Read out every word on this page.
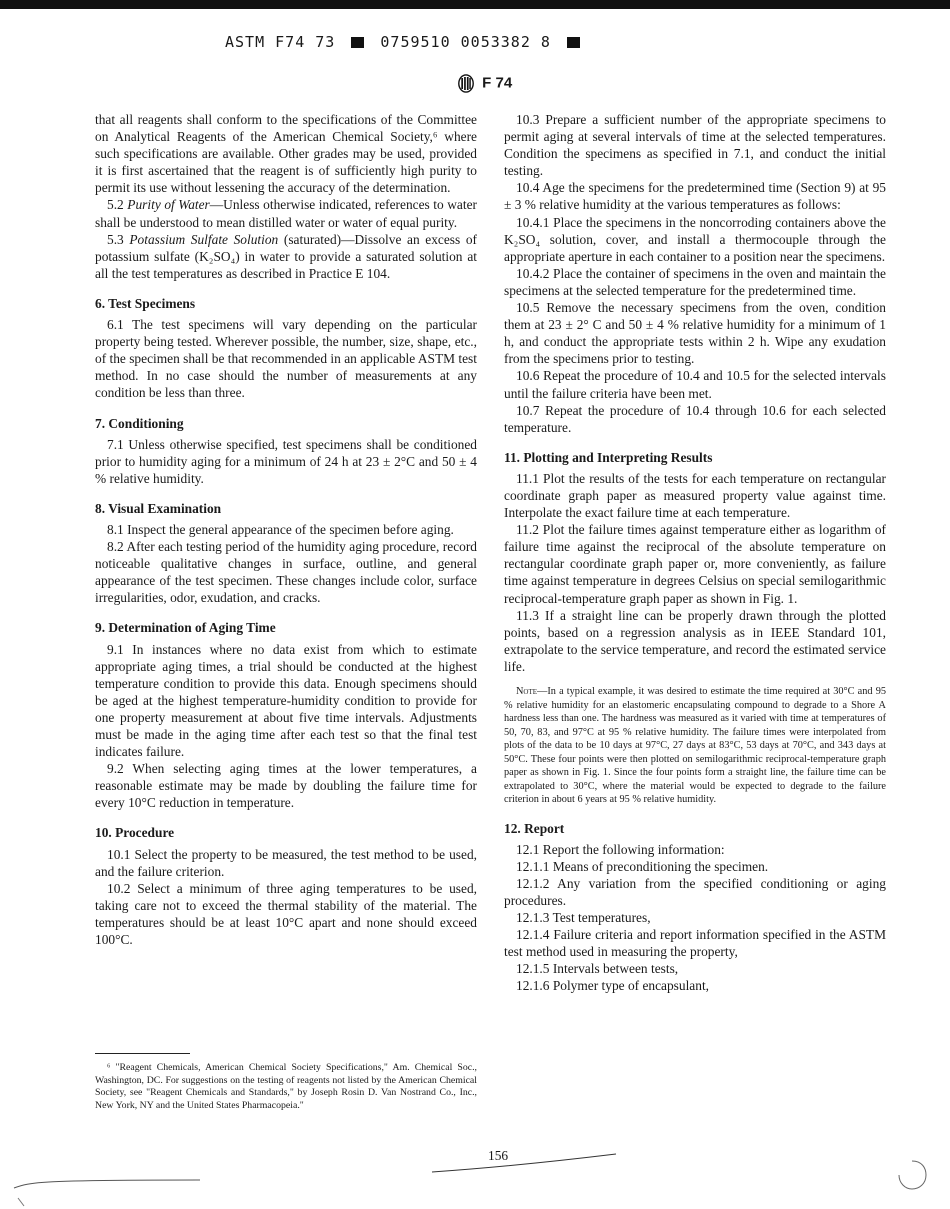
ASTM F74 73	0759510 0053382 8
F 74

that all reagents shall conform to the specifications of the Committee on Analytical Reagents of the American Chemical Society,⁶ where such specifications are available. Other grades may be used, provided it is first ascertained that the reagent is of sufficiently high purity to permit its use without lessening the accuracy of the determination.

5.2 Purity of Water—Unless otherwise indicated, references to water shall be understood to mean distilled water or water of equal purity.

5.3 Potassium Sulfate Solution (saturated)—Dissolve an excess of potassium sulfate (K₂SO₄) in water to provide a saturated solution at all the test temperatures as described in Practice E 104.

6. Test Specimens

6.1 The test specimens will vary depending on the particular property being tested. Wherever possible, the number, size, shape, etc., of the specimen shall be that recommended in an applicable ASTM test method. In no case should the number of measurements at any condition be less than three.

7. Conditioning

7.1 Unless otherwise specified, test specimens shall be conditioned prior to humidity aging for a minimum of 24 h at 23 ± 2°C and 50 ± 4 % relative humidity.

8. Visual Examination

8.1 Inspect the general appearance of the specimen before aging.

8.2 After each testing period of the humidity aging procedure, record noticeable qualitative changes in surface, outline, and general appearance of the test specimen. These changes include color, surface irregularities, odor, exudation, and cracks.

9. Determination of Aging Time

9.1 In instances where no data exist from which to estimate appropriate aging times, a trial should be conducted at the highest temperature condition to provide this data. Enough specimens should be aged at the highest temperature-humidity condition to provide for one property measurement at about five time intervals. Adjustments must be made in the aging time after each test so that the final test indicates failure.

9.2 When selecting aging times at the lower temperatures, a reasonable estimate may be made by doubling the failure time for every 10°C reduction in temperature.

10. Procedure

10.1 Select the property to be measured, the test method to be used, and the failure criterion.

10.2 Select a minimum of three aging temperatures to be used, taking care not to exceed the thermal stability of the material. The temperatures should be at least 10°C apart and none should exceed 100°C.

⁶ "Reagent Chemicals, American Chemical Society Specifications," Am. Chemical Soc., Washington, DC. For suggestions on the testing of reagents not listed by the American Chemical Society, see "Reagent Chemicals and Standards," by Joseph Rosin D. Van Nostrand Co., Inc., New York, NY and the United States Pharmacopeia."

10.3 Prepare a sufficient number of the appropriate specimens to permit aging at several intervals of time at the selected temperatures. Condition the specimens as specified in 7.1, and conduct the initial testing.

10.4 Age the specimens for the predetermined time (Section 9) at 95 ± 3 % relative humidity at the various temperatures as follows:

10.4.1 Place the specimens in the noncorroding containers above the K₂SO₄ solution, cover, and install a thermocouple through the appropriate aperture in each container to a position near the specimens.

10.4.2 Place the container of specimens in the oven and maintain the specimens at the selected temperature for the predetermined time.

10.5 Remove the necessary specimens from the oven, condition them at 23 ± 2° C and 50 ± 4 % relative humidity for a minimum of 1 h, and conduct the appropriate tests within 2 h. Wipe any exudation from the specimens prior to testing.

10.6 Repeat the procedure of 10.4 and 10.5 for the selected intervals until the failure criteria have been met.

10.7 Repeat the procedure of 10.4 through 10.6 for each selected temperature.

11. Plotting and Interpreting Results

11.1 Plot the results of the tests for each temperature on rectangular coordinate graph paper as measured property value against time. Interpolate the exact failure time at each temperature.

11.2 Plot the failure times against temperature either as logarithm of failure time against the reciprocal of the absolute temperature on rectangular coordinate graph paper or, more conveniently, as failure time against temperature in degrees Celsius on special semilogarithmic reciprocal-temperature graph paper as shown in Fig. 1.

11.3 If a straight line can be properly drawn through the plotted points, based on a regression analysis as in IEEE Standard 101, extrapolate to the service temperature, and record the estimated service life.

Note—In a typical example, it was desired to estimate the time required at 30°C and 95 % relative humidity for an elastomeric encapsulating compound to degrade to a Shore A hardness less than one. The hardness was measured as it varied with time at temperatures of 50, 70, 83, and 97°C at 95 % relative humidity. The failure times were interpolated from plots of the data to be 10 days at 97°C, 27 days at 83°C, 53 days at 70°C, and 343 days at 50°C. These four points were then plotted on semilogarithmic reciprocal-temperature graph paper as shown in Fig. 1. Since the four points form a straight line, the failure time can be extrapolated to 30°C, where the material would be expected to degrade to the failure criterion in about 6 years at 95 % relative humidity.

12. Report

12.1 Report the following information:

12.1.1 Means of preconditioning the specimen.

12.1.2 Any variation from the specified conditioning or aging procedures.

12.1.3 Test temperatures,

12.1.4 Failure criteria and report information specified in the ASTM test method used in measuring the property,

12.1.5 Intervals between tests,

12.1.6 Polymer type of encapsulant,

156
